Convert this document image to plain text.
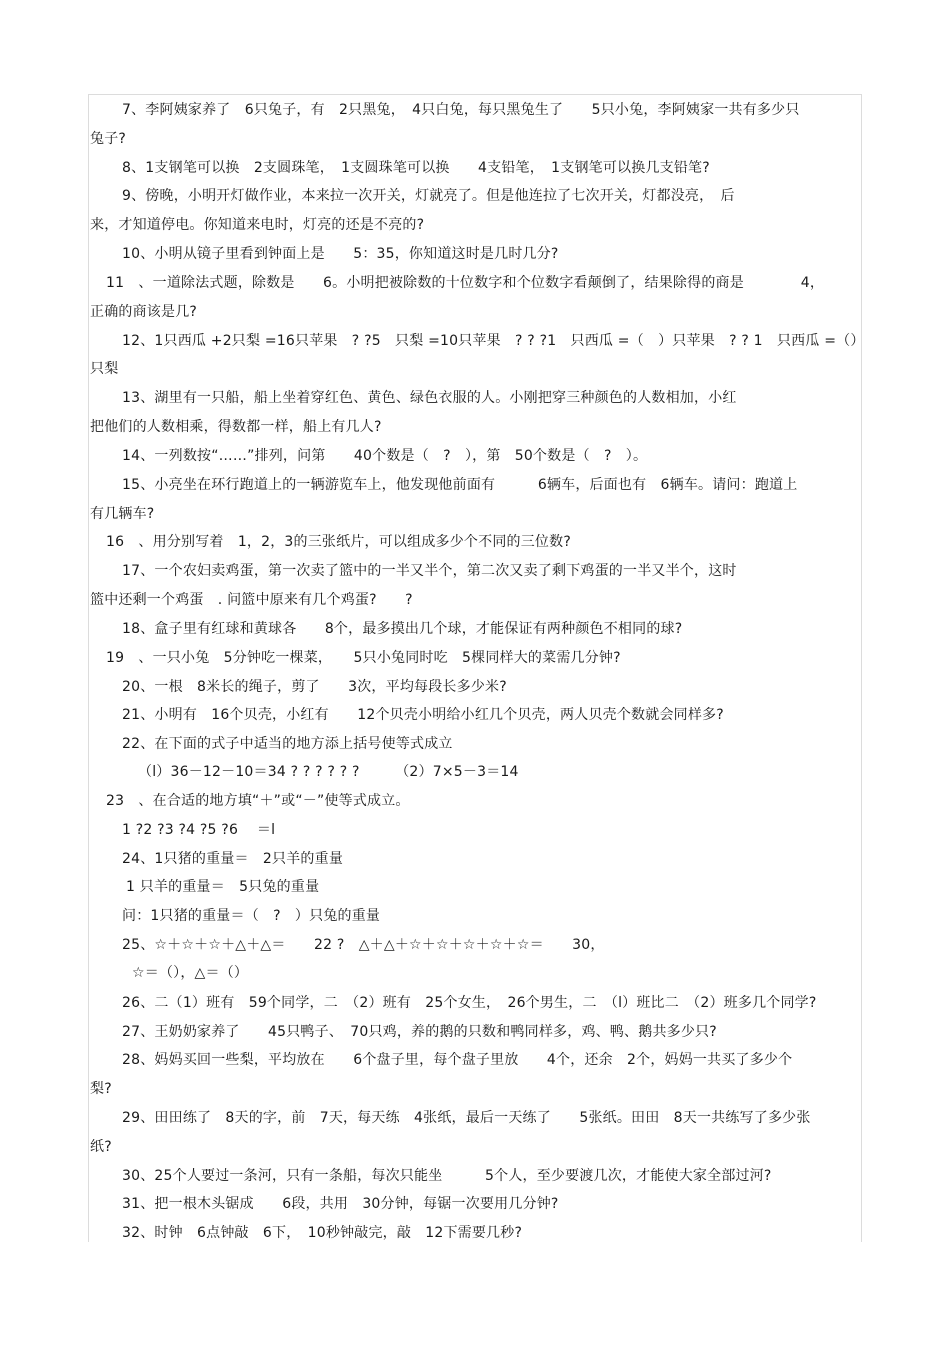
7、李阿姨家养了　6只兔子，有　2只黑兔，　4只白兔，每只黑兔生了　　5只小兔，李阿姨家一共有多少只
兔子?
8、1支钢笔可以换　2支圆珠笔，　1支圆珠笔可以换　　4支铅笔，　1支钢笔可以换几支铅笔?
9、傍晚，小明开灯做作业，本来拉一次开关，灯就亮了。但是他连拉了七次开关，灯都没亮，　后
来，才知道停电。你知道来电时，灯亮的还是不亮的?
10、小明从镜子里看到钟面上是　　5：35，你知道这时是几时几分?
11　、一道除法式题，除数是　　6。小明把被除数的十位数字和个位数字看颠倒了，结果除得的商是　　　　4，
正确的商该是几?
12、1只西瓜 +2只梨 =16只苹果　? ?5　只梨 =10只苹果　? ? ?1　只西瓜 =（　）只苹果　? ? 1　只西瓜 =（）
只梨
13、湖里有一只船，船上坐着穿红色、黄色、绿色衣服的人。小刚把穿三种颜色的人数相加，小红
把他们的人数相乘，得数都一样，船上有几人?
14、一列数按“……”排列，问第　　40个数是（　?　），第　50个数是（　?　）。
15、小亮坐在环行跑道上的一辆游览车上，他发现他前面有　　　6辆车，后面也有　6辆车。请问：跑道上
有几辆车?
16　、用分别写着　1，2，3的三张纸片，可以组成多少个不同的三位数?
17、一个农妇卖鸡蛋，第一次卖了篮中的一半又半个，第二次又卖了剩下鸡蛋的一半又半个，这时
篮中还剩一个鸡蛋　. 问篮中原来有几个鸡蛋?　　?
18、盒子里有红球和黄球各　　8个，最多摸出几个球，才能保证有两种颜色不相同的球?
19　、一只小兔　5分钟吃一棵菜，　　5只小兔同时吃　5棵同样大的菜需几分钟?
20、一根　8米长的绳子，剪了　　3次，平均每段长多少米?
21、小明有　16个贝壳，小红有　　12个贝壳小明给小红几个贝壳，两人贝壳个数就会同样多?
22、在下面的式子中适当的地方添上括号使等式成立
（l）36－12－10＝34 ? ? ? ? ? ?　　　（2）7×5－3＝14
23　、在合适的地方填“＋”或“－”使等式成立。
1 ?2 ?3 ?4 ?5 ?6　 ＝l
24、1只猪的重量＝　2只羊的重量
1 只羊的重量＝　5只兔的重量
问：1只猪的重量＝（　?　）只兔的重量
25、☆＋☆＋☆＋△＋△＝　　22 ?　△＋△＋☆＋☆＋☆＋☆＋☆＝　　30，
☆＝（），△＝（）
26、二（1）班有　59个同学，二　（2）班有　25个女生，　26个男生，二　（l）班比二　（2）班多几个同学?
27、王奶奶家养了　　45只鸭子、　70只鸡，养的鹅的只数和鸭同样多，鸡、鸭、鹅共多少只?
28、妈妈买回一些梨，平均放在　　6个盘子里，每个盘子里放　　4个，还余　2个，妈妈一共买了多少个
梨?
29、田田练了　8天的字，前　7天，每天练　4张纸，最后一天练了　　5张纸。田田　8天一共练写了多少张
纸?
30、25个人要过一条河，只有一条船，每次只能坐　　　5个人，至少要渡几次，才能使大家全部过河?
31、把一根木头锯成　　6段，共用　30分钟，每锯一次要用几分钟?
32、时钟　6点钟敲　6下，　10秒钟敲完，敲　12下需要几秒?
